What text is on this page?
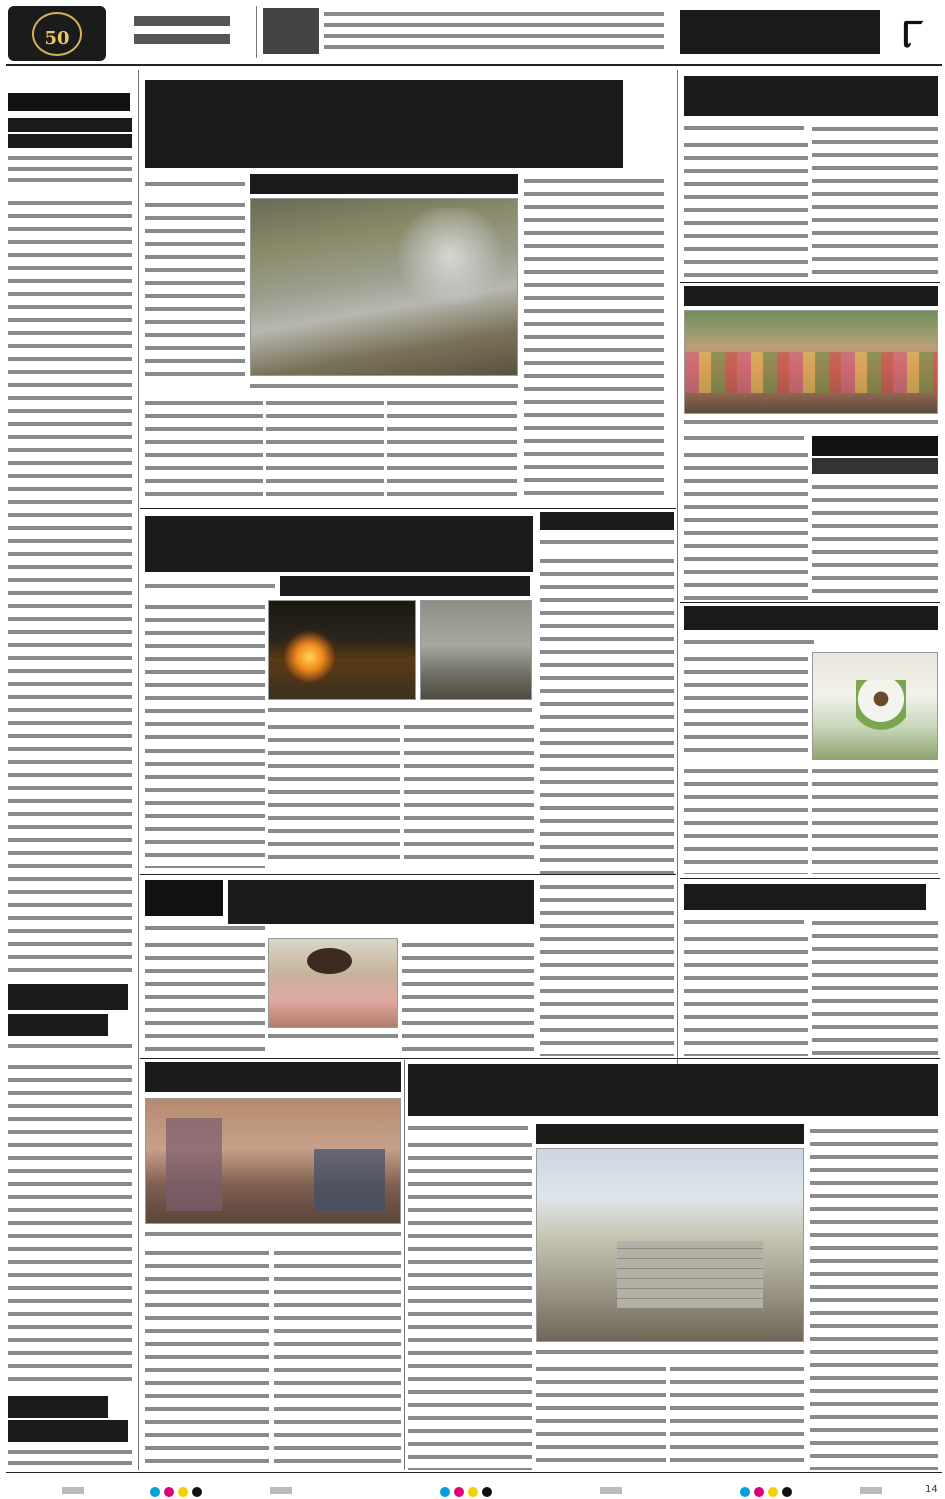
50	୮
14
